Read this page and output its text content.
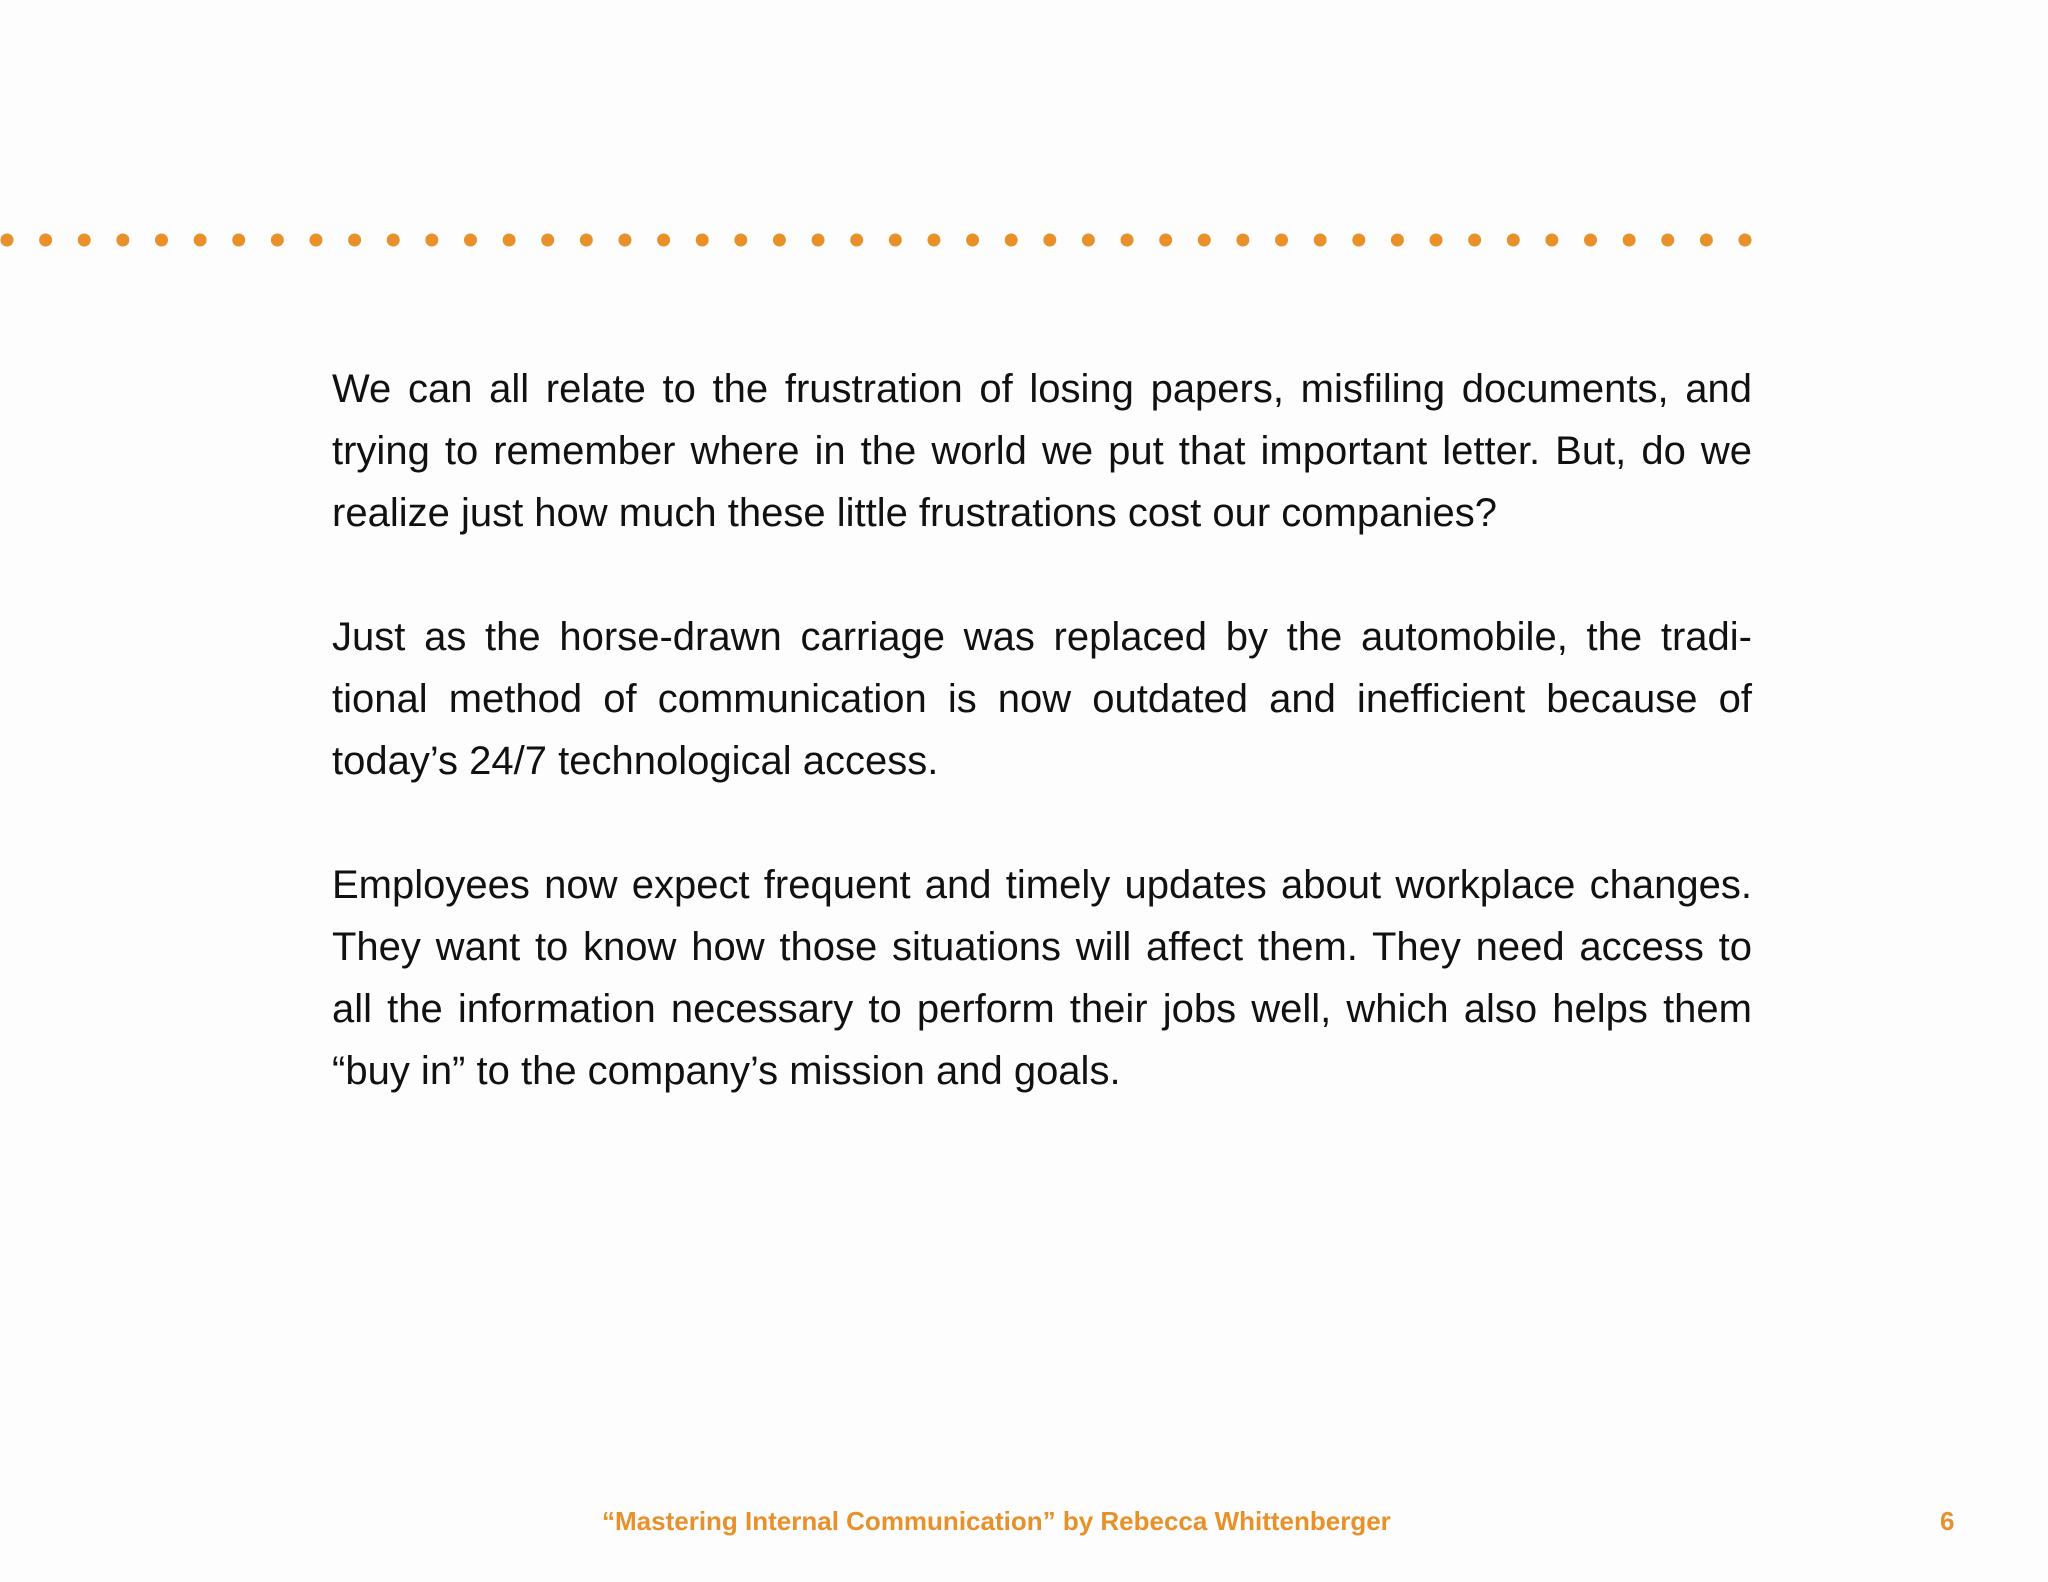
We can all relate to the frustration of losing papers, misfiling documents, and trying to remember where in the world we put that important letter. But, do we realize just how much these little frustrations cost our companies?

Just as the horse-drawn carriage was replaced by the automobile, the tradi-tional method of communication is now outdated and inefficient because of today’s 24/7 technological access.

Employees now expect frequent and timely updates about workplace changes. They want to know how those situations will affect them. They need access to all the information necessary to perform their jobs well, which also helps them “buy in” to the company’s mission and goals.

“Mastering Internal Communication” by Rebecca Whittenberger	6
